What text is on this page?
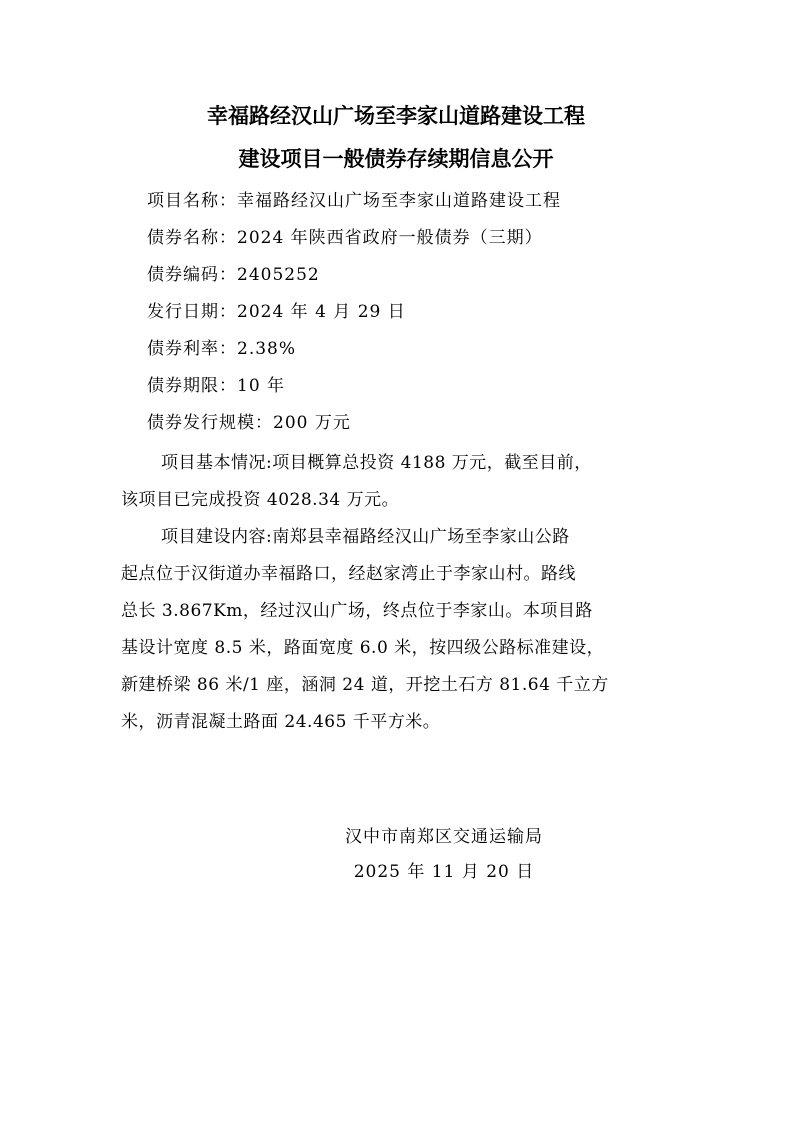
幸福路经汉山广场至李家山道路建设工程
建设项目一般债券存续期信息公开
项目名称：幸福路经汉山广场至李家山道路建设工程
债券名称：2024 年陕西省政府一般债券（三期）
债券编码：2405252
发行日期：2024 年 4 月 29 日
债券利率：2.38%
债券期限：10 年
债券发行规模：200 万元
项目基本情况:项目概算总投资 4188 万元，截至目前，
该项目已完成投资 4028.34 万元。
项目建设内容:南郑县幸福路经汉山广场至李家山公路
起点位于汉街道办幸福路口，经赵家湾止于李家山村。路线
总长 3.867Km，经过汉山广场，终点位于李家山。本项目路
基设计宽度 8.5 米，路面宽度 6.0 米，按四级公路标准建设，
新建桥梁 86 米/1 座，涵洞 24 道，开挖土石方 81.64 千立方
米，沥青混凝土路面 24.465 千平方米。
汉中市南郑区交通运输局
2025 年 11 月 20 日
